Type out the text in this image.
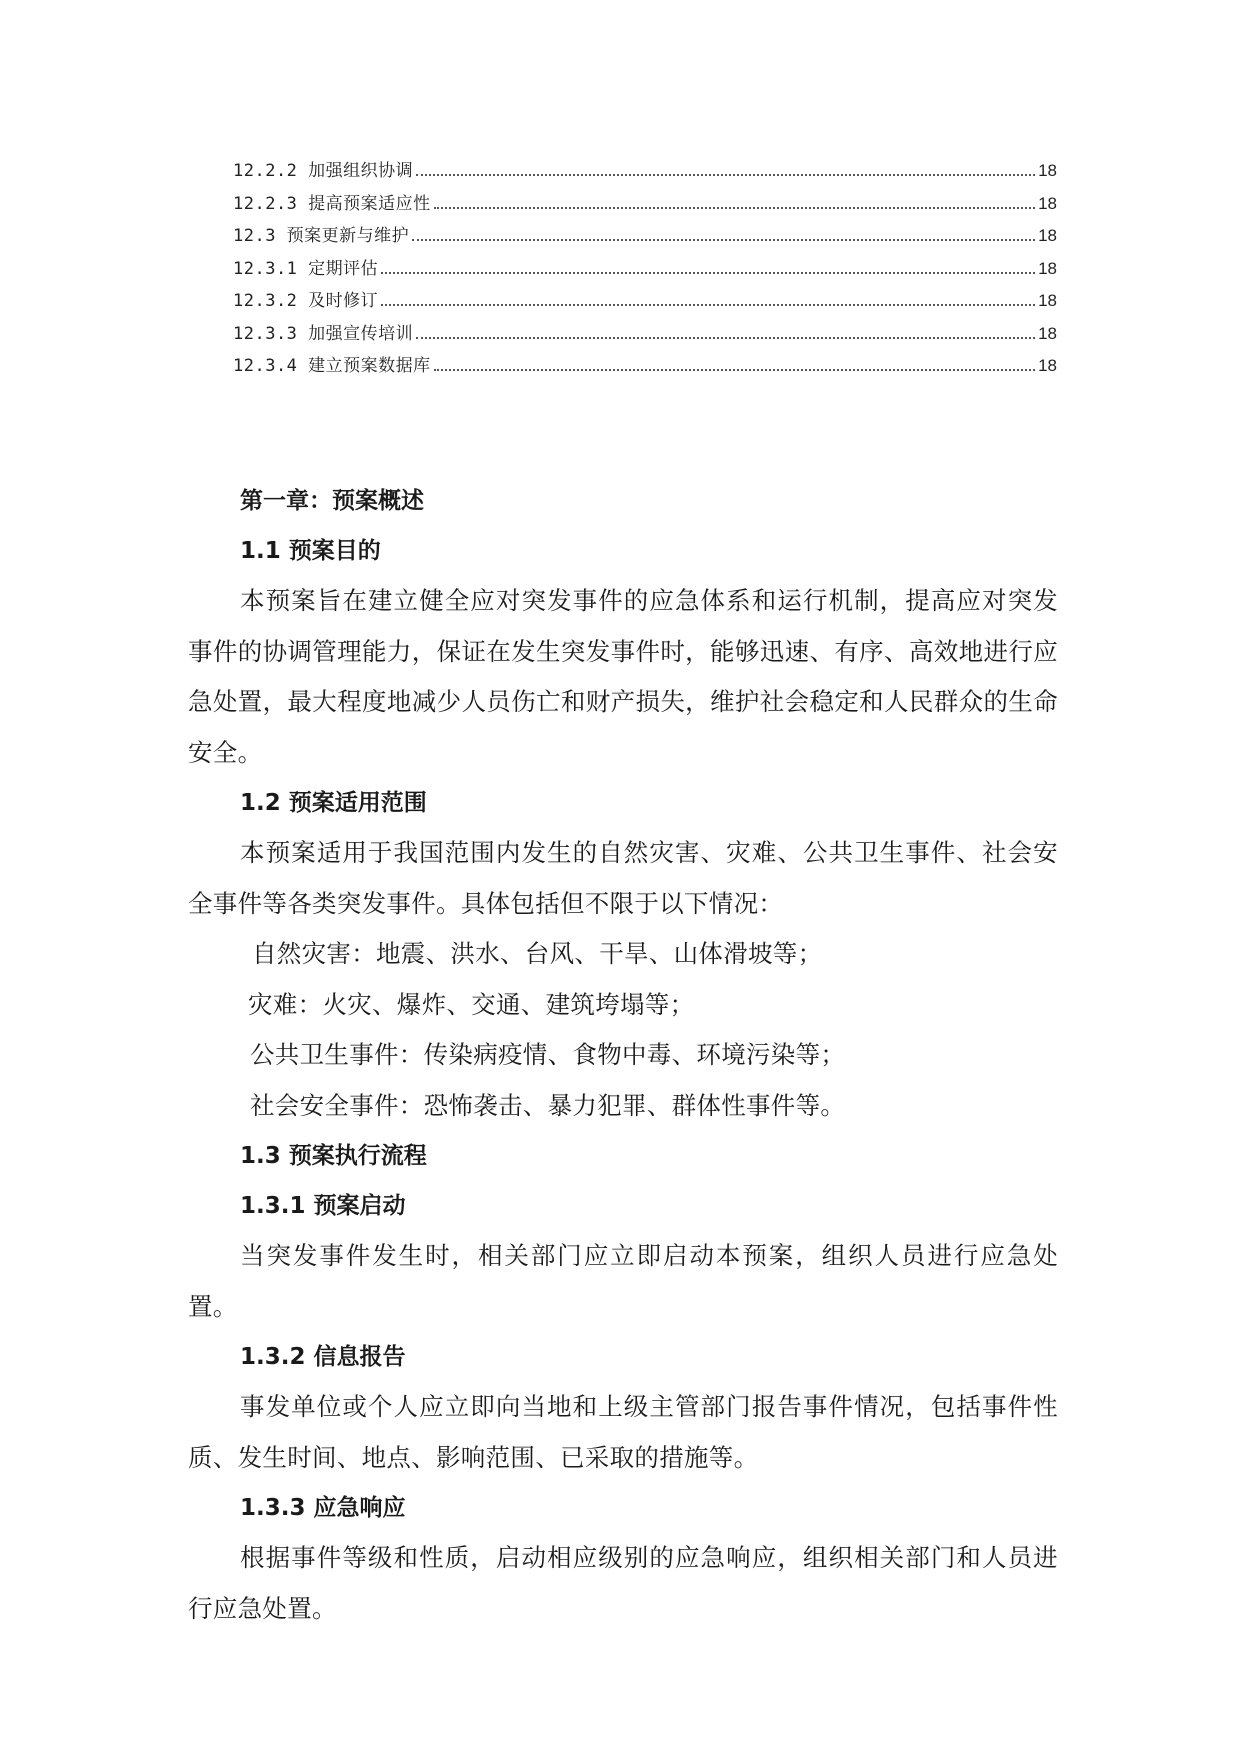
12.2.2 加强组织协调	18
12.2.3 提高预案适应性	18
12.3 预案更新与维护	18
12.3.1 定期评估	18
12.3.2 及时修订	18
12.3.3 加强宣传培训	18
12.3.4 建立预案数据库	18
第一章：预案概述
1.1 预案目的

本预案旨在建立健全应对突发事件的应急体系和运行机制，提高应对突发事件的协调管理能力，保证在发生突发事件时，能够迅速、有序、高效地进行应急处置，最大程度地减少人员伤亡和财产损失，维护社会稳定和人民群众的生命安全。

1.2 预案适用范围

本预案适用于我国范围内发生的自然灾害、灾难、公共卫生事件、社会安全事件等各类突发事件。具体包括但不限于以下情况：

自然灾害：地震、洪水、台风、干旱、山体滑坡等；

灾难：火灾、爆炸、交通、建筑垮塌等；

公共卫生事件：传染病疫情、食物中毒、环境污染等；

社会安全事件：恐怖袭击、暴力犯罪、群体性事件等。

1.3 预案执行流程
1.3.1 预案启动

当突发事件发生时，相关部门应立即启动本预案，组织人员进行应急处置。

1.3.2 信息报告

事发单位或个人应立即向当地和上级主管部门报告事件情况，包括事件性质、发生时间、地点、影响范围、已采取的措施等。

1.3.3 应急响应

根据事件等级和性质，启动相应级别的应急响应，组织相关部门和人员进行应急处置。
